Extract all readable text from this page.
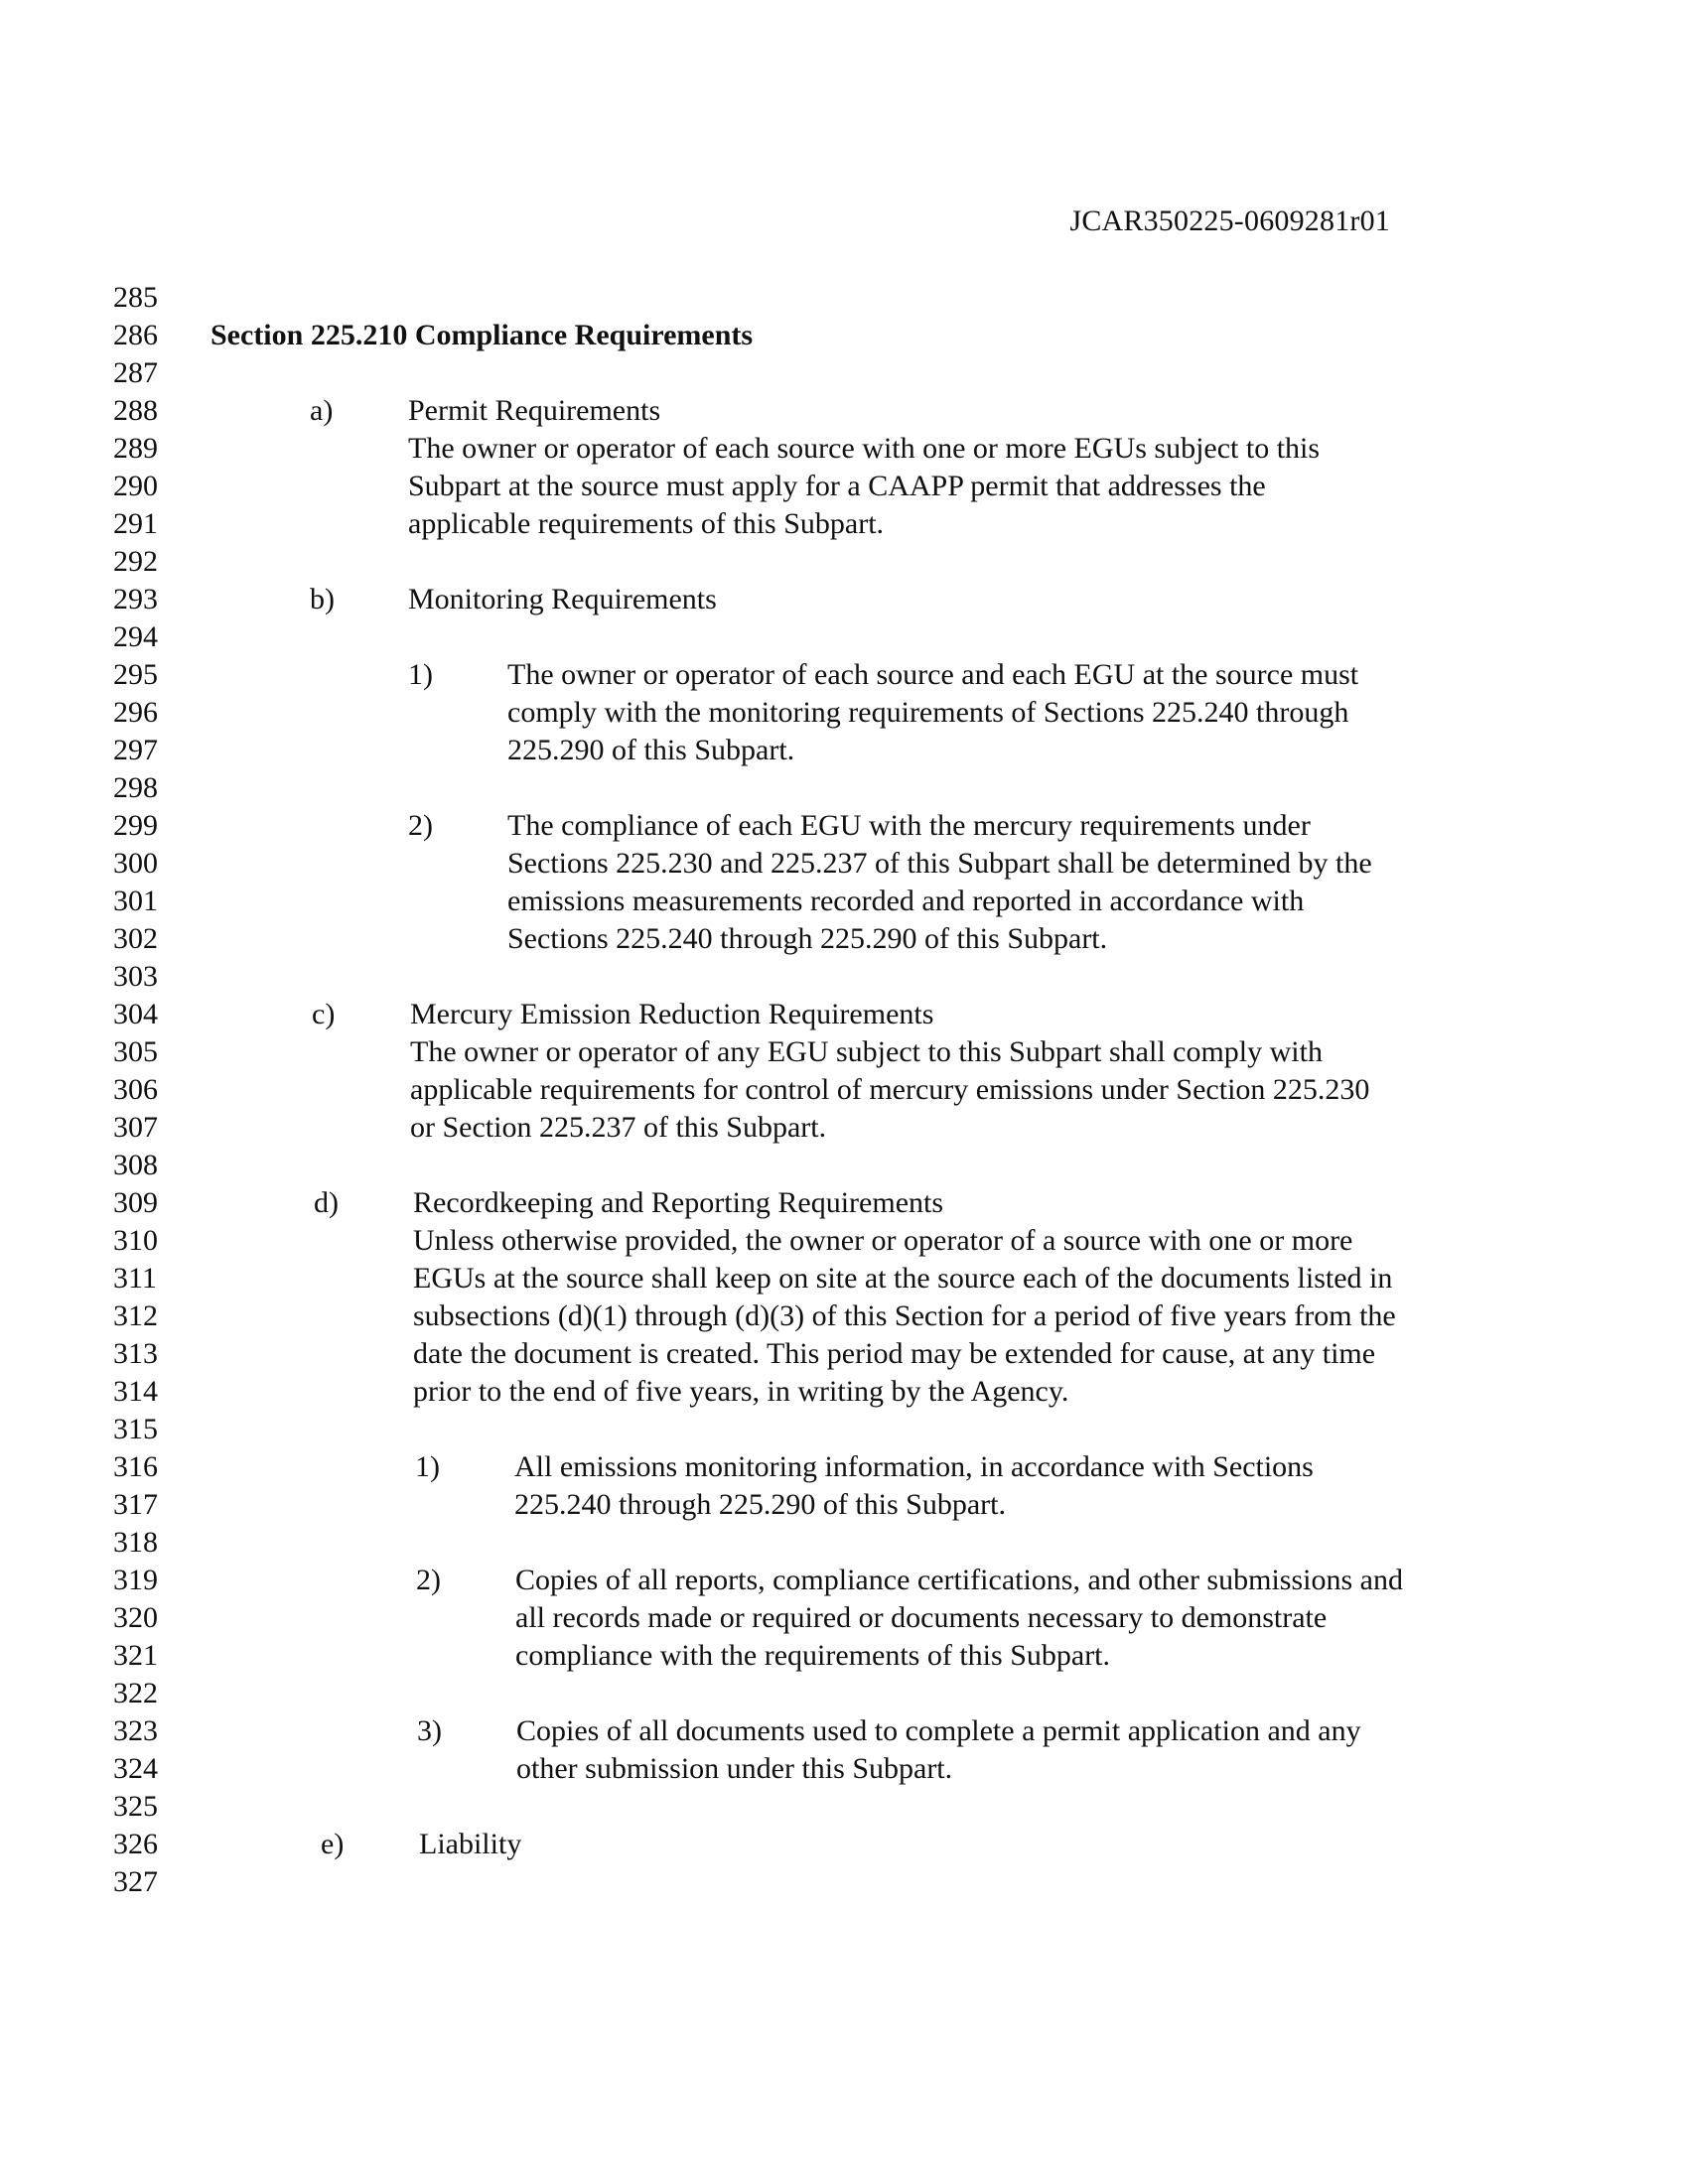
JCAR350225-0609281r01
285
286
287
288
289
290
291
292
293
294
295
296
297
298
299
300
301
302
303
304
305
306
307
308
309
310
311
312
313
314
315
316
317
318
319
320
321
322
323
324
325
326
327
Section 225.210 Compliance Requirements
a)	Permit Requirements
The owner or operator of each source with one or more EGUs subject to this
Subpart at the source must apply for a CAAPP permit that addresses the
applicable requirements of this Subpart.
b) Monitoring Requirements
1)	The owner or operator of each source and each EGU at the source must
comply with the monitoring requirements of Sections 225.240 through
225.290 of this Subpart.
2)	The compliance of each EGU with the mercury requirements under
Sections 225.230 and 225.237 of this Subpart shall be determined by the
emissions measurements recorded and reported in accordance with
Sections 225.240 through 225.290 of this Subpart.
c)	Mercury Emission Reduction Requirements
The owner or operator of any EGU subject to this Subpart shall comply with
applicable requirements for control of mercury emissions under Section 225.230
or Section 225.237 of this Subpart.
d)	Recordkeeping and Reporting Requirements
Unless otherwise provided, the owner or operator of a source with one or more
EGUs at the source shall keep on site at the source each of the documents listed in
subsections (d)(1) through (d)(3) of this Section for a period of five years from the
date the document is created. This period may be extended for cause, at any time
prior to the end of five years, in writing by the Agency.
1)	All emissions monitoring information, in accordance with Sections
225.240 through 225.290 of this Subpart.
2)	Copies of all reports, compliance certifications, and other submissions and
all records made or required or documents necessary to demonstrate
compliance with the requirements of this Subpart.
3)	Copies of all documents used to complete a permit application and any
other submission under this Subpart.
e)	Liability
